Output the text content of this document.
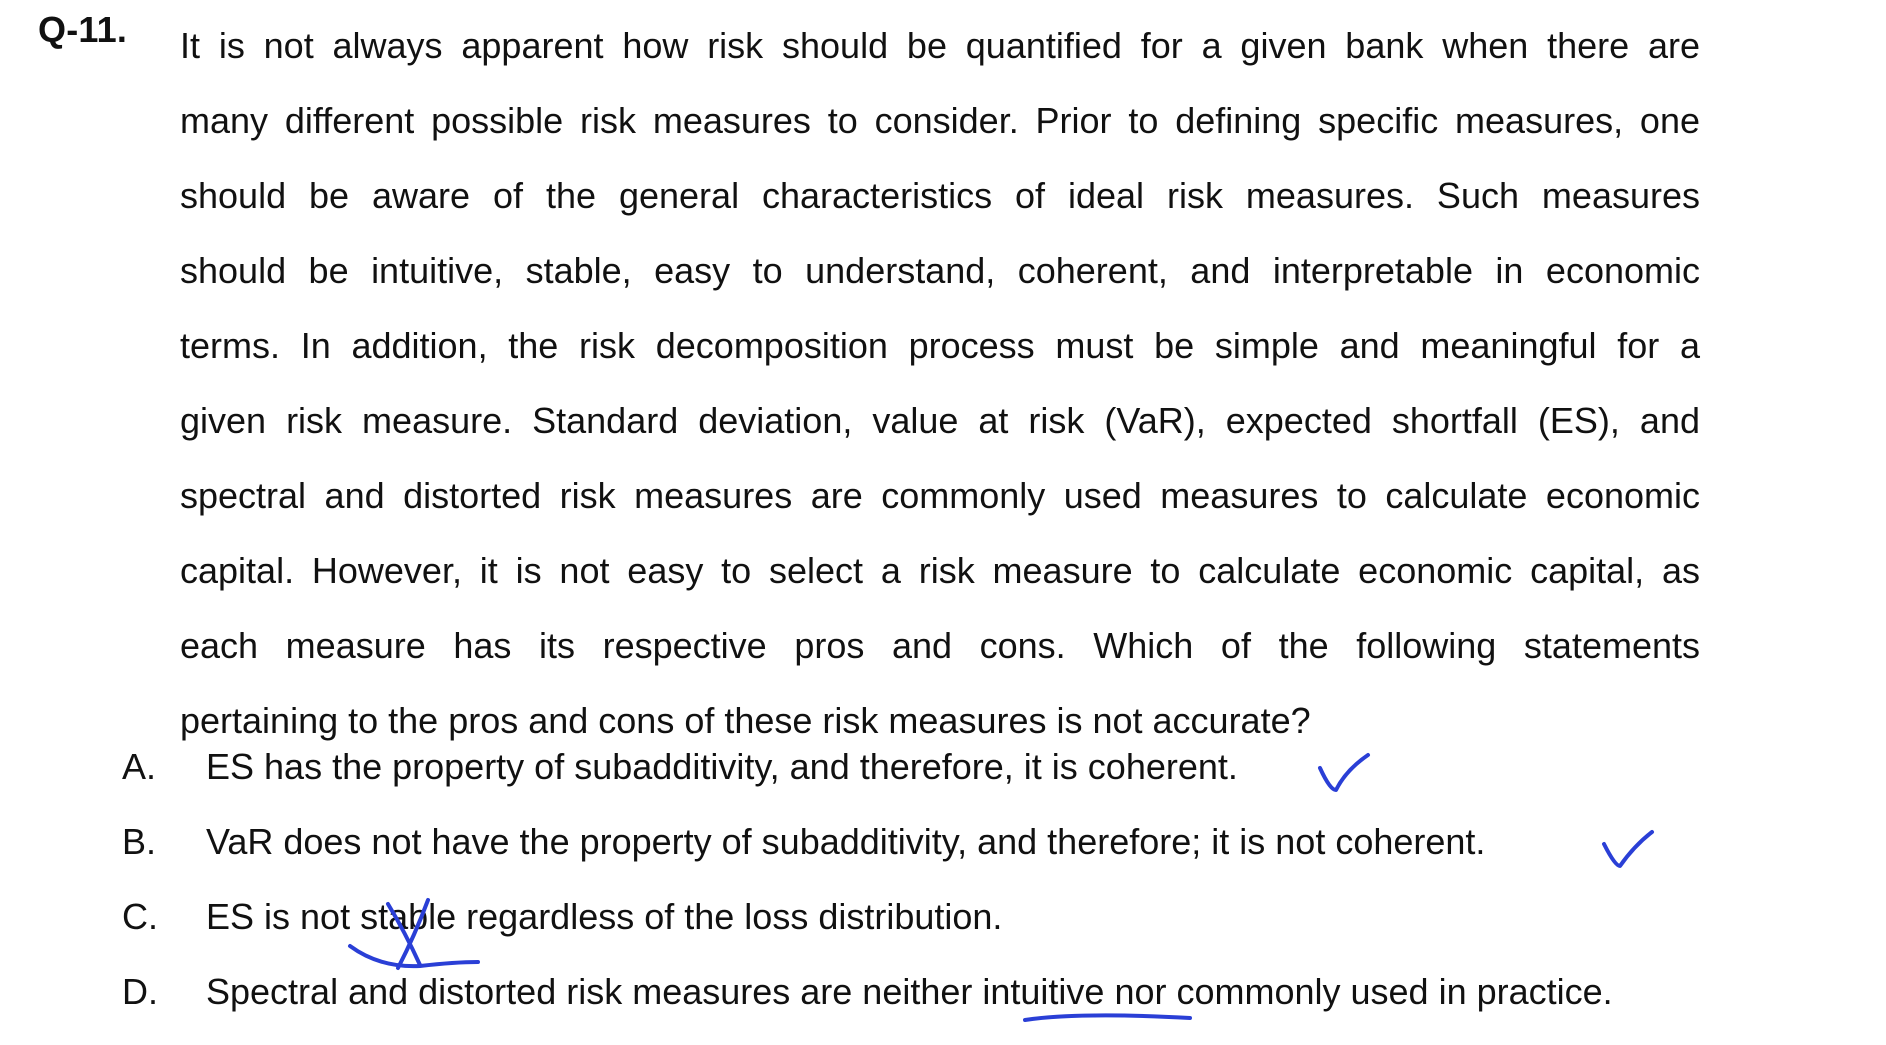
Q-11. It is not always apparent how risk should be quantified for a given bank when there are
many different possible risk measures to consider. Prior to defining specific measures, one
should be aware of the general characteristics of ideal risk measures. Such measures
should be intuitive, stable, easy to understand, coherent, and interpretable in economic
terms. In addition, the risk decomposition process must be simple and meaningful for a
given risk measure. Standard deviation, value at risk (VaR), expected shortfall (ES), and
spectral and distorted risk measures are commonly used measures to calculate economic
capital. However, it is not easy to select a risk measure to calculate economic capital, as
each measure has its respective pros and cons. Which of the following statements
pertaining to the pros and cons of these risk measures is not accurate?
A. ES has the property of subadditivity, and therefore, it is coherent.
B. VaR does not have the property of subadditivity, and therefore; it is not coherent.
C. ES is not stable regardless of the loss distribution.
D. Spectral and distorted risk measures are neither intuitive nor commonly used in practice.
